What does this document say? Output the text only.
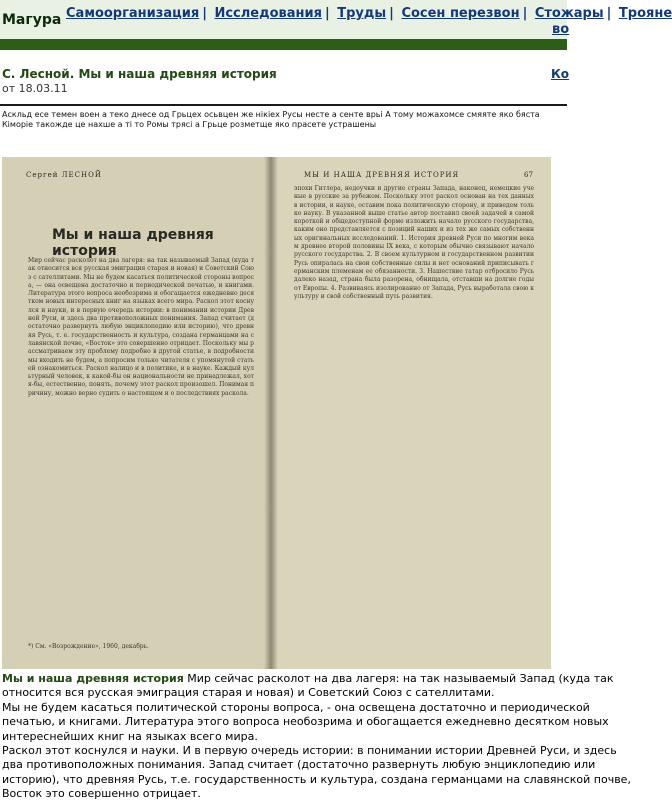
Магура Самоорганизация | Исследования | Труды | Сосен перезвон | Стожары | Трояне
во
С. Лесной. Мы и наша древняя история
от 18.03.11
Ко
Аскльд есе темен воен а теко днесе од Грьцех осьвцен же нікіех Русы несте а сенте врьі А тому можахомсе смяяте яко бяста Кіморіе такождe це нахше а ті то Ромы трясi а Грьце розметще яко прасете устрашены
Сергей ЛЕСНОЙ
Мы и наша древняя история
Мир сейчас расколот на два лагеря: на так называемый Запад (куда так относится вся русская эмиграция старая и новая) и Советский Союз с сателлитами. Мы не будем касаться политической стороны вопроса, — она освещена достаточно и периодической печатью, и книгами. Литература этого вопроса необозрима и обогащается ежедневно десятком новых интересных книг на языках всего мира. Раскол этот коснулся и науки, и в первую очередь истории: в понимании истории Древней Руси, и здесь два противоположных понимания. Запад считает (достаточно развернуть любую энциклопедию или историю), что древняя Русь, т. е. государственность и культура, создана германцами на славянской почве, «Восток» это совершенно отрицает. Поскольку мы рассматриваем эту проблему подробно в другой статье, в подробности мы входить не будем, а попросим только читателя с упомянутой статьей ознакомиться. Раскол налицо и в политике, и в науке. Каждый культурный человек, к какой-бы он национальности не принадлежал, хотя-бы, естественно, понять, почему этот раскол произошел. Понимая причину, можно верно судить о настоящем и о последствиях раскола.
*) См. «Возрождение», 1960, декабрь.
МЫ И НАША ДРЕВНЯЯ ИСТОРИЯ	67
эпохи Гитлера, недоучки и другие страны Запада, наконец, немецкие ученые в русские за рубежом. Поскольку этот раскол основан на тех данных в истории, и науке, оставим пока политическую сторону, и приведем только науку. В указанной выше статье автор поставил своей задачей в самой короткой и общедоступной форме изложить начало русского государства, каким оно представляется с позиций наших и из тех же самых собственных оригинальных исследований. 1. История древней Руси по многим векам древнее второй половины IX века, с которым обычно связывают начало русского государства. 2. В своем культурном и государственном развитии Русь опиралась на свои собственные силы и нет оснований приписывать германским племенам ее обязанности. 3. Нашествие татар отбросило Русь далеко назад, страна была разорена, обнищала, отставши на долгие годы от Европы. 4. Развиваясь изолированно от Запада, Русь выработала свою культуру и свой собственный путь развития.

Мы и наша древняя история Мир сейчас расколот на два лагеря: на так называемый Запад (куда так

относится вся русская эмиграция старая и новая) и Советский Союз с сателлитами.

Мы не будем касаться политической стороны вопроса, - она освещена достаточно и периодической

печатью, и книгами. Литература этого вопроса необозрима и обогащается ежедневно десятком новых

интереснейших книг на языках всего мира.

Раскол этот коснулся и науки. И в первую очередь истории: в понимании истории Древней Руси, и здесь

два противоположных понимания. Запад считает (достаточно развернуть любую энциклопедию или

историю), что древняя Русь, т.е. государственность и культура, создана германцами на славянской почве,

Восток это совершенно отрицает.
